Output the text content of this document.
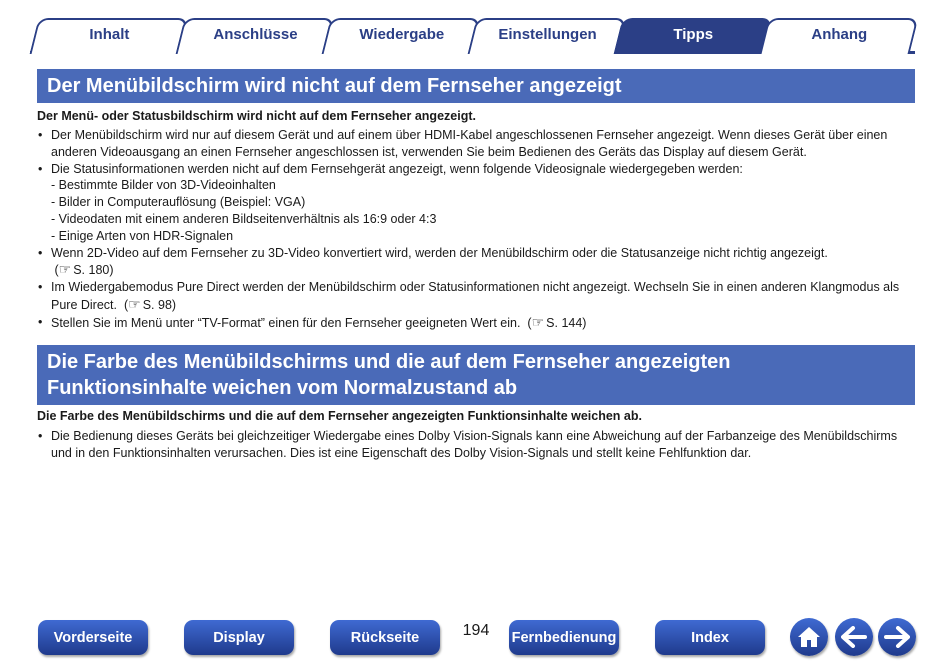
Inhalt	Anschlüsse	Wiedergabe	Einstellungen	Tipps	Anhang
Der Menübildschirm wird nicht auf dem Fernseher angezeigt
Der Menü- oder Statusbildschirm wird nicht auf dem Fernseher angezeigt.
• Der Menübildschirm wird nur auf diesem Gerät und auf einem über HDMI-Kabel angeschlossenen Fernseher angezeigt. Wenn dieses Gerät über einen anderen Videoausgang an einen Fernseher angeschlossen ist, verwenden Sie beim Bedienen des Geräts das Display auf diesem Gerät.
• Die Statusinformationen werden nicht auf dem Fernsehgerät angezeigt, wenn folgende Videosignale wiedergegeben werden:
- Bestimmte Bilder von 3D-Videoinhalten
- Bilder in Computerauflösung (Beispiel: VGA)
- Videodaten mit einem anderen Bildseitenverhältnis als 16:9 oder 4:3
- Einige Arten von HDR-Signalen
• Wenn 2D-Video auf dem Fernseher zu 3D-Video konvertiert wird, werden der Menübildschirm oder die Statusanzeige nicht richtig angezeigt.
(☞ S. 180)
• Im Wiedergabemodus Pure Direct werden der Menübildschirm oder Statusinformationen nicht angezeigt. Wechseln Sie in einen anderen Klangmodus als Pure Direct. (☞ S. 98)
• Stellen Sie im Menü unter “TV-Format” einen für den Fernseher geeigneten Wert ein. (☞ S. 144)
Die Farbe des Menübildschirms und die auf dem Fernseher angezeigten
Funktionsinhalte weichen vom Normalzustand ab
Die Farbe des Menübildschirms und die auf dem Fernseher angezeigten Funktionsinhalte weichen ab.
• Die Bedienung dieses Geräts bei gleichzeitiger Wiedergabe eines Dolby Vision-Signals kann eine Abweichung auf der Farbanzeige des Menübildschirms und in den Funktionsinhalten verursachen. Dies ist eine Eigenschaft des Dolby Vision-Signals und stellt keine Fehlfunktion dar.
Vorderseite	Display	Rückseite	194	Fernbedienung	Index
